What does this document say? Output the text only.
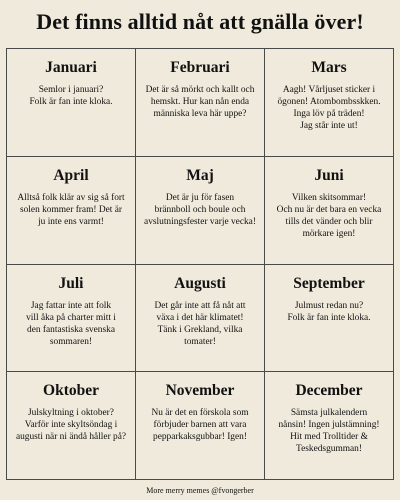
Det finns alltid nåt att gnälla över!
Januari
Semlor i januari?
Folk är fan inte kloka.
Februari
Det är så mörkt och kallt och
hemskt. Hur kan nån enda
människa leva här uppe?
Mars
Aagh! Vårljuset sticker i
ögonen! Atombombsskken.
Inga löv på träden!
Jag står inte ut!
April
Alltså folk klär av sig så fort
solen kommer fram! Det är
ju inte ens varmt!
Maj
Det är ju för fasen
brännboll och boule och
avslutningsfester varje vecka!
Juni
Vilken skitsommar!
Och nu är det bara en vecka
tills det vänder och blir
mörkare igen!
Juli
Jag fattar inte att folk
vill åka på charter mitt i
den fantastiska svenska
sommaren!
Augusti
Det går inte att få nåt att
växa i det här klimatet!
Tänk i Grekland, vilka
tomater!
September
Julmust redan nu?
Folk är fan inte kloka.
Oktober
Julskyltning i oktober?
Varför inte skyltsöndag i
augusti när ni ändå håller på?
November
Nu är det en förskola som
förbjuder barnen att vara
pepparkaksgubbar! Igen!
December
Sämsta julkalendern
nånsin! Ingen julstämning!
Hit med Trolltider &
Teskedsgumman!
More merry memes @fvongerber
